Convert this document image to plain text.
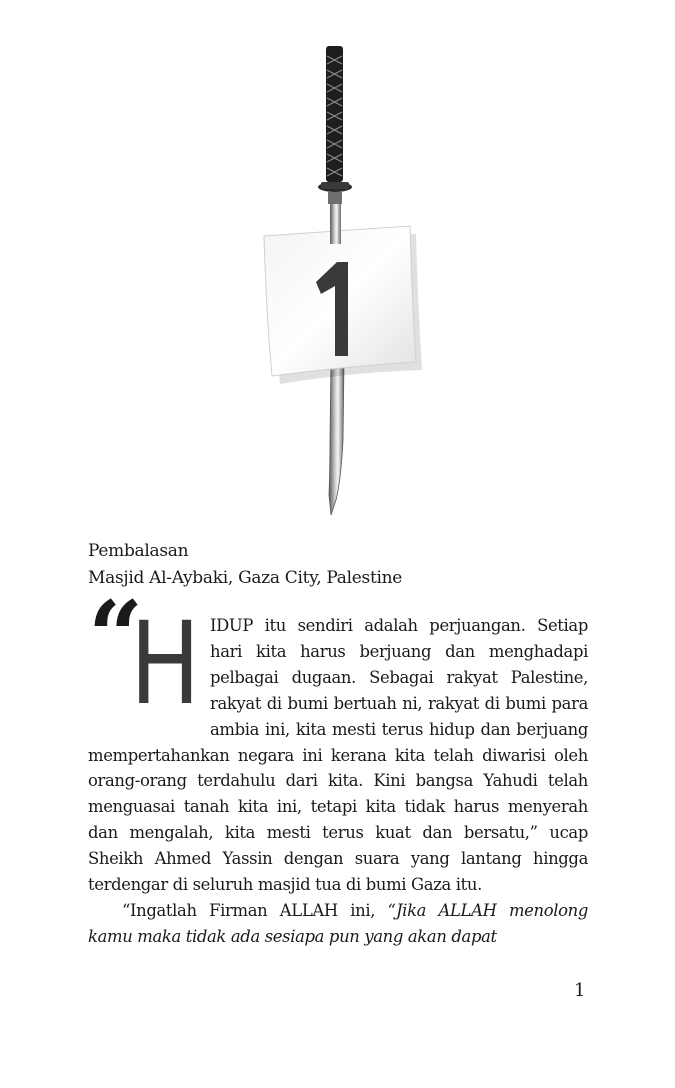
1
Pembalasan
Masjid Al-Aybaki, Gaza City, Palestine

“
H IDUP itu sendiri adalah perjuangan. Setiap hari kita harus berjuang dan menghadapi pelbagai dugaan. Sebagai rakyat Palestine, rakyat di bumi bertuah ni, rakyat di bumi para ambia ini, kita mesti terus hidup dan berjuang mempertahankan negara ini kerana kita telah diwarisi oleh orang-orang terdahulu dari kita. Kini bangsa Yahudi telah menguasai tanah kita ini, tetapi kita tidak harus menyerah dan mengalah, kita mesti terus kuat dan bersatu,” ucap Sheikh Ahmed Yassin dengan suara yang lantang hingga terdengar di seluruh masjid tua di bumi Gaza itu.

“Ingatlah Firman ALLAH ini, “Jika ALLAH menolong kamu maka tidak ada sesiapa pun yang akan dapat

1
